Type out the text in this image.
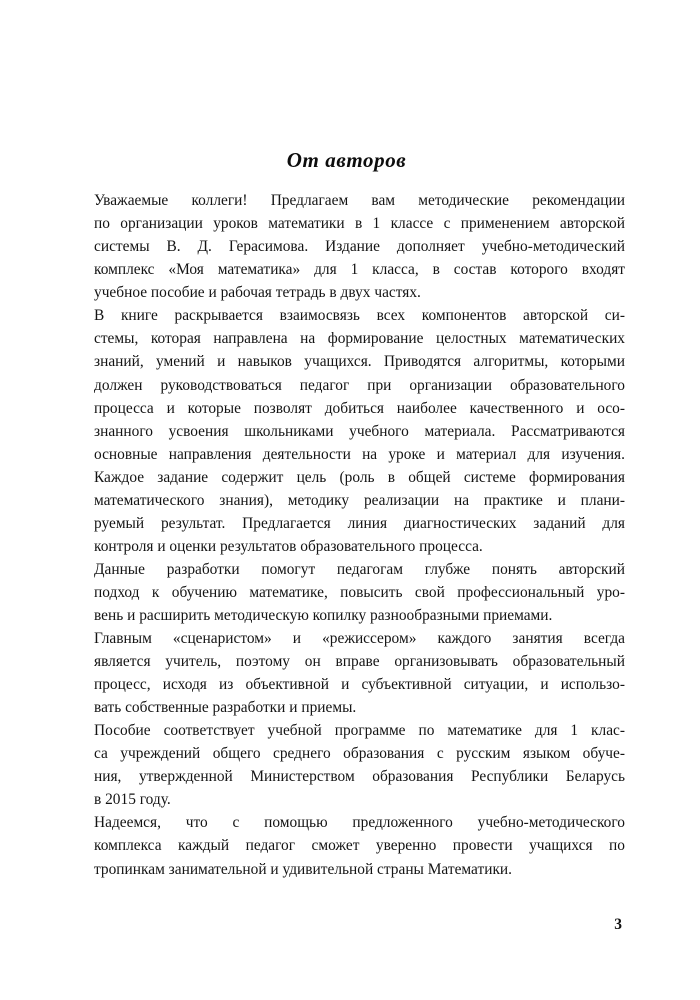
От авторов

Уважаемые коллеги! Предлагаем вам методические рекомендации
по организации уроков математики в 1 классе с применением авторской
системы В. Д. Герасимова. Издание дополняет учебно-методический
комплекс «Моя математика» для 1 класса, в состав которого входят
учебное пособие и рабочая тетрадь в двух частях.

В книге раскрывается взаимосвязь всех компонентов авторской си-
стемы, которая направлена на формирование целостных математических
знаний, умений и навыков учащихся. Приводятся алгоритмы, которыми
должен руководствоваться педагог при организации образовательного
процесса и которые позволят добиться наиболее качественного и осо-
знанного усвоения школьниками учебного материала. Рассматриваются
основные направления деятельности на уроке и материал для изучения.
Каждое задание содержит цель (роль в общей системе формирования
математического знания), методику реализации на практике и плани-
руемый результат. Предлагается линия диагностических заданий для
контроля и оценки результатов образовательного процесса.

Данные разработки помогут педагогам глубже понять авторский
подход к обучению математике, повысить свой профессиональный уро-
вень и расширить методическую копилку разнообразными приемами.

Главным «сценаристом» и «режиссером» каждого занятия всегда
является учитель, поэтому он вправе организовывать образовательный
процесс, исходя из объективной и субъективной ситуации, и использо-
вать собственные разработки и приемы.

Пособие соответствует учебной программе по математике для 1 клас-
са учреждений общего среднего образования с русским языком обуче-
ния, утвержденной Министерством образования Республики Беларусь
в 2015 году.

Надеемся, что с помощью предложенного учебно-методического
комплекса каждый педагог сможет уверенно провести учащихся по
тропинкам занимательной и удивительной страны Математики.

3
